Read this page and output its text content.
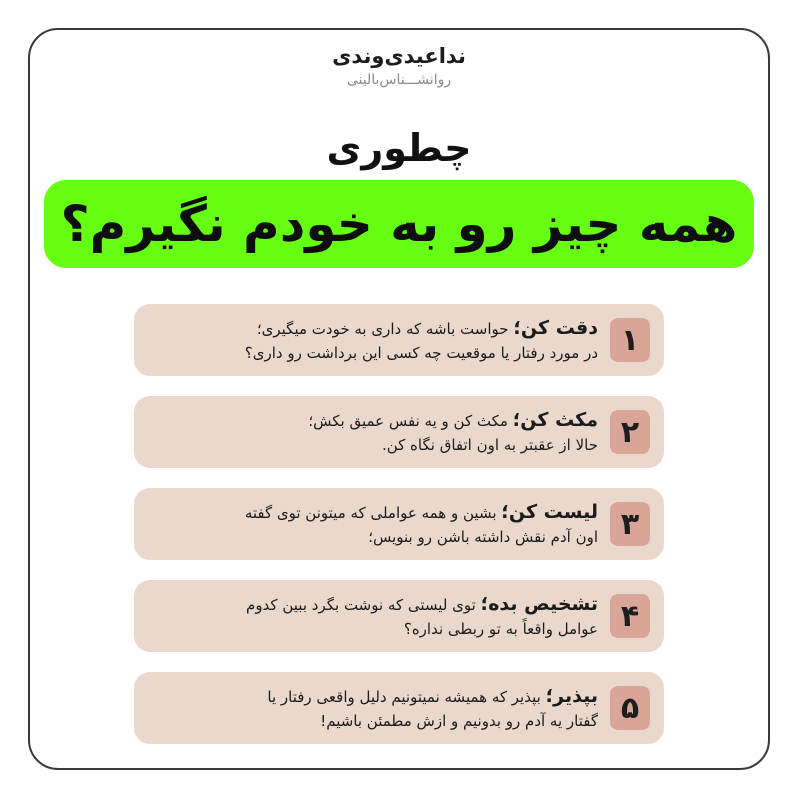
نداعیدی‌وندی
روانشـــناس‌بالینی
چطوری
همه چیز رو به خودم نگیرم؟
۱
دقت کن؛ حواست باشه که داری به خودت میگیری؛
در مورد رفتار یا موقعیت چه کسی این برداشت رو داری؟
۲
مکث کن؛ مکث کن و یه نفس عمیق بکش؛
حالا از عقبتر به اون اتفاق نگاه کن.
۳
لیست کن؛ بشین و همه عواملی که میتونن توی گفته
اون آدم نقش داشته باشن رو بنویس؛
۴
تشخیص بده؛ توی لیستی که نوشت بگرد ببین کدوم
عوامل واقعاً به تو ربطی نداره؟
۵
بپذیر؛ بپذیر که همیشه نمیتونیم دلیل واقعی رفتار یا
گفتار یه آدم رو بدونیم و ازش مطمئن باشیم!
